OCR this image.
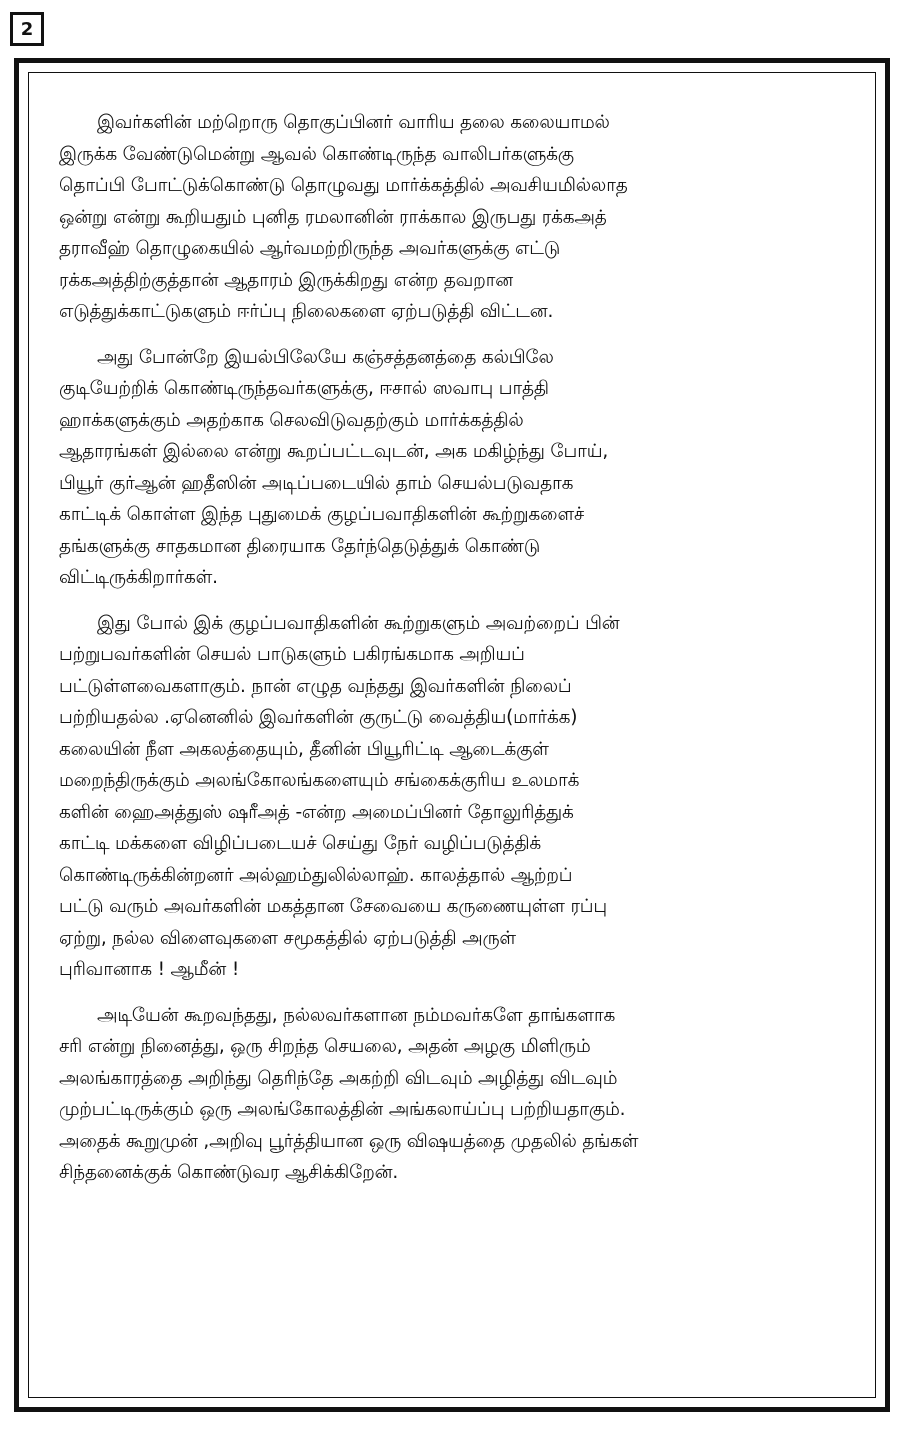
2
இவர்களின் மற்றொரு தொகுப்பினர் வாரிய தலை கலையாமல்
இருக்க வேண்டுமென்று ஆவல் கொண்டிருந்த வாலிபர்களுக்கு
தொப்பி போட்டுக்கொண்டு தொழுவது மார்க்கத்தில் அவசியமில்லாத
ஒன்று என்று கூறியதும் புனித ரமலானின் ராக்கால இருபது ரக்கஅத்
தராவீஹ் தொழுகையில் ஆர்வமற்றிருந்த அவர்களுக்கு எட்டு
ரக்கஅத்திற்குத்தான் ஆதாரம் இருக்கிறது என்ற தவறான
எடுத்துக்காட்டுகளும் ஈர்ப்பு நிலைகளை ஏற்படுத்தி விட்டன.
அது போன்றே இயல்பிலேயே கஞ்சத்தனத்தை கல்பிலே
குடியேற்றிக் கொண்டிருந்தவர்களுக்கு, ஈசால் ஸவாபு பாத்தி
ஹாக்களுக்கும் அதற்காக செலவிடுவதற்கும் மார்க்கத்தில்
ஆதாரங்கள் இல்லை என்று கூறப்பட்டவுடன், அக மகிழ்ந்து போய்,
பியூர் குர்ஆன் ஹதீஸின் அடிப்படையில் தாம் செயல்படுவதாக
காட்டிக் கொள்ள இந்த புதுமைக் குழப்பவாதிகளின் கூற்றுகளைச்
தங்களுக்கு சாதகமான திரையாக தேர்ந்தெடுத்துக் கொண்டு
விட்டிருக்கிறார்கள்.
இது போல் இக் குழப்பவாதிகளின் கூற்றுகளும் அவற்றைப் பின்
பற்றுபவர்களின் செயல் பாடுகளும் பகிரங்கமாக அறியப்
பட்டுள்ளவைகளாகும். நான் எழுத வந்தது இவர்களின் நிலைப்
பற்றியதல்ல .ஏனெனில் இவர்களின் குருட்டு வைத்திய(மார்க்க)
கலையின் நீள அகலத்தையும், தீனின் பியூரிட்டி ஆடைக்குள்
மறைந்திருக்கும் அலங்கோலங்களையும் சங்கைக்குரிய உலமாக்
களின் ஹைஅத்துஸ் ஷரீஅத் -என்ற அமைப்பினர் தோலுரித்துக்
காட்டி மக்களை விழிப்படையச் செய்து நேர் வழிப்படுத்திக்
கொண்டிருக்கின்றனர் அல்ஹம்துலில்லாஹ். காலத்தால் ஆற்றப்
பட்டு வரும் அவர்களின் மகத்தான சேவையை கருணையுள்ள ரப்பு
ஏற்று, நல்ல விளைவுகளை சமூகத்தில் ஏற்படுத்தி அருள்
புரிவானாக ! ஆமீன் !
அடியேன் கூறவந்தது, நல்லவர்களான நம்மவர்களே தாங்களாக
சரி என்று நினைத்து, ஒரு சிறந்த செயலை, அதன் அழகு மிளிரும்
அலங்காரத்தை அறிந்து தெரிந்தே அகற்றி விடவும் அழித்து விடவும்
முற்பட்டிருக்கும் ஒரு அலங்கோலத்தின் அங்கலாய்ப்பு பற்றியதாகும்.
அதைக் கூறுமுன் ,அறிவு பூர்த்தியான ஒரு விஷயத்தை முதலில் தங்கள்
சிந்தனைக்குக் கொண்டுவர ஆசிக்கிறேன்.
